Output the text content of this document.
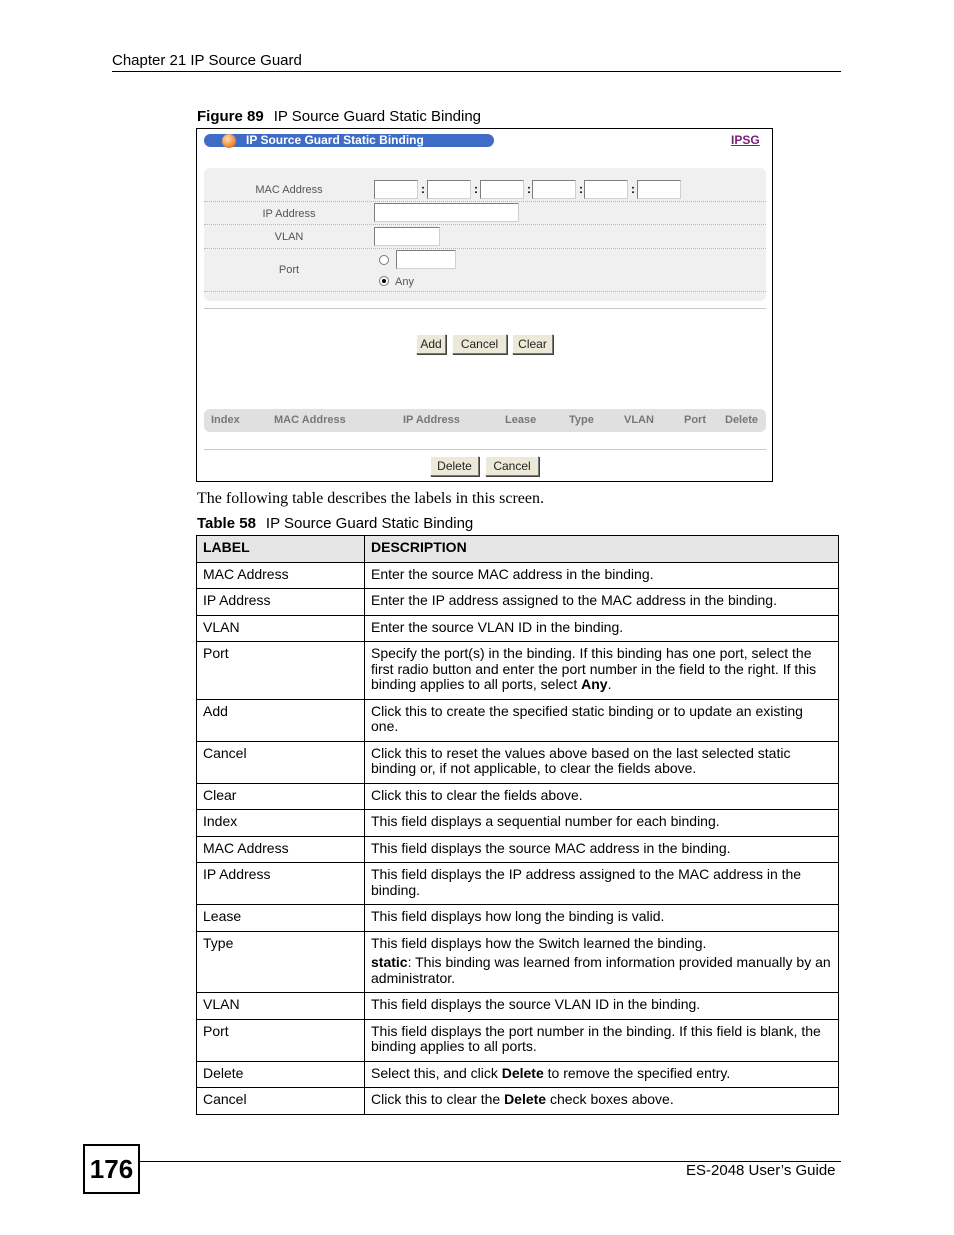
Chapter 21 IP Source Guard
Figure 89 IP Source Guard Static Binding
IP Source Guard Static Binding	IPSG
MAC Address
IP Address
VLAN
Port
:	:	:	:	:
Any
Add	Cancel	Clear
Index	MAC Address	IP Address	Lease	Type	VLAN	Port Delete
Delete	Cancel
The following table describes the labels in this screen.
Table 58 IP Source Guard Static Binding
LABEL	DESCRIPTION
MAC Address	Enter the source MAC address in the binding.
IP Address	Enter the IP address assigned to the MAC address in the binding.
VLAN	Enter the source VLAN ID in the binding.
Port	Specify the port(s) in the binding. If this binding has one port, select the first radio button and enter the port number in the field to the right. If this binding applies to all ports, select Any.
Add	Click this to create the specified static binding or to update an existing one.
Cancel	Click this to reset the values above based on the last selected static binding or, if not applicable, to clear the fields above.
Clear	Click this to clear the fields above.
Index	This field displays a sequential number for each binding.
MAC Address	This field displays the source MAC address in the binding.
IP Address	This field displays the IP address assigned to the MAC address in the binding.
Lease	This field displays how long the binding is valid.
Type	This field displays how the Switch learned the binding.

static: This binding was learned from information provided manually by an administrator.

VLAN	This field displays the source VLAN ID in the binding.
Port	This field displays the port number in the binding. If this field is blank, the binding applies to all ports.
Delete	Select this, and click Delete to remove the specified entry.
Cancel	Click this to clear the Delete check boxes above.
176	ES-2048 User’s Guide
